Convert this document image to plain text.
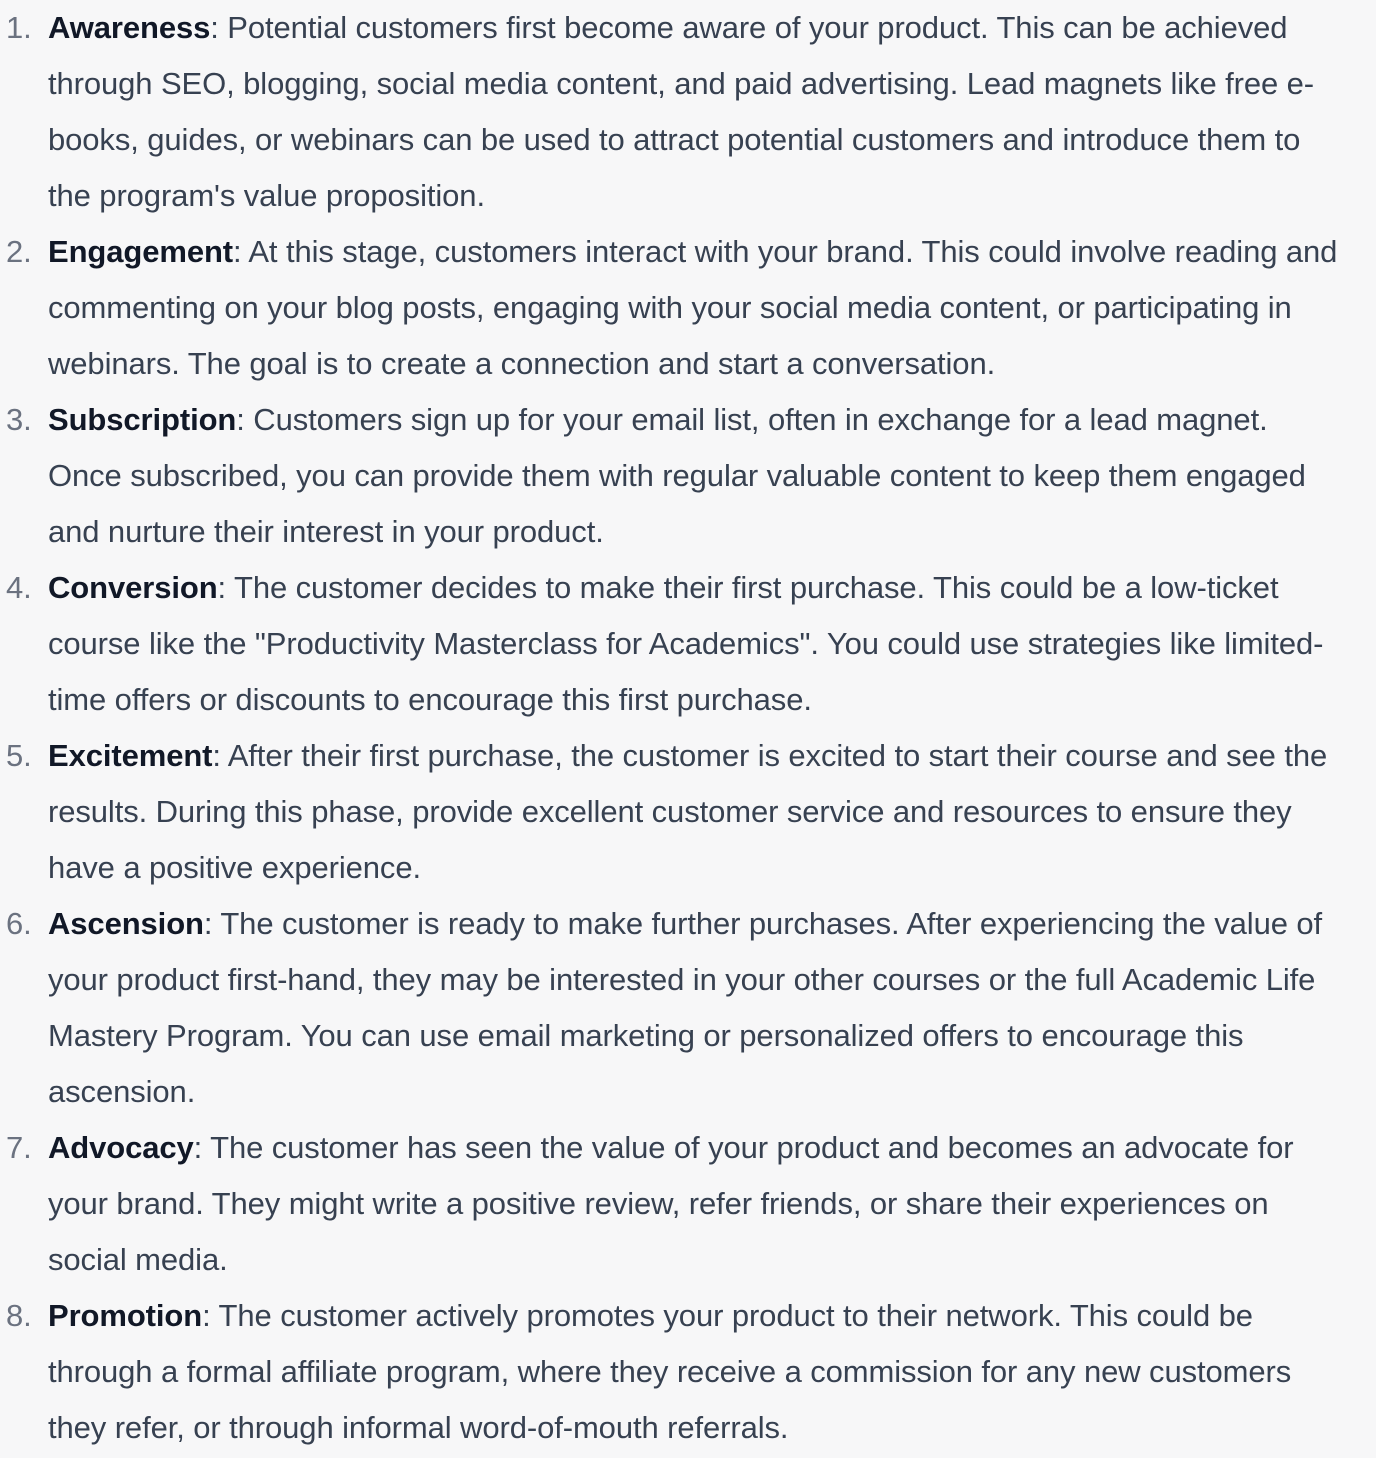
1. Awareness: Potential customers first become aware of your product. This can be achieved through SEO, blogging, social media content, and paid advertising. Lead magnets like free e-books, guides, or webinars can be used to attract potential customers and introduce them to the program's value proposition.
2. Engagement: At this stage, customers interact with your brand. This could involve reading and commenting on your blog posts, engaging with your social media content, or participating in webinars. The goal is to create a connection and start a conversation.
3. Subscription: Customers sign up for your email list, often in exchange for a lead magnet. Once subscribed, you can provide them with regular valuable content to keep them engaged and nurture their interest in your product.
4. Conversion: The customer decides to make their first purchase. This could be a low-ticket course like the "Productivity Masterclass for Academics". You could use strategies like limited-time offers or discounts to encourage this first purchase.
5. Excitement: After their first purchase, the customer is excited to start their course and see the results. During this phase, provide excellent customer service and resources to ensure they have a positive experience.
6. Ascension: The customer is ready to make further purchases. After experiencing the value of your product first-hand, they may be interested in your other courses or the full Academic Life Mastery Program. You can use email marketing or personalized offers to encourage this ascension.
7. Advocacy: The customer has seen the value of your product and becomes an advocate for your brand. They might write a positive review, refer friends, or share their experiences on social media.
8. Promotion: The customer actively promotes your product to their network. This could be through a formal affiliate program, where they receive a commission for any new customers they refer, or through informal word-of-mouth referrals.
